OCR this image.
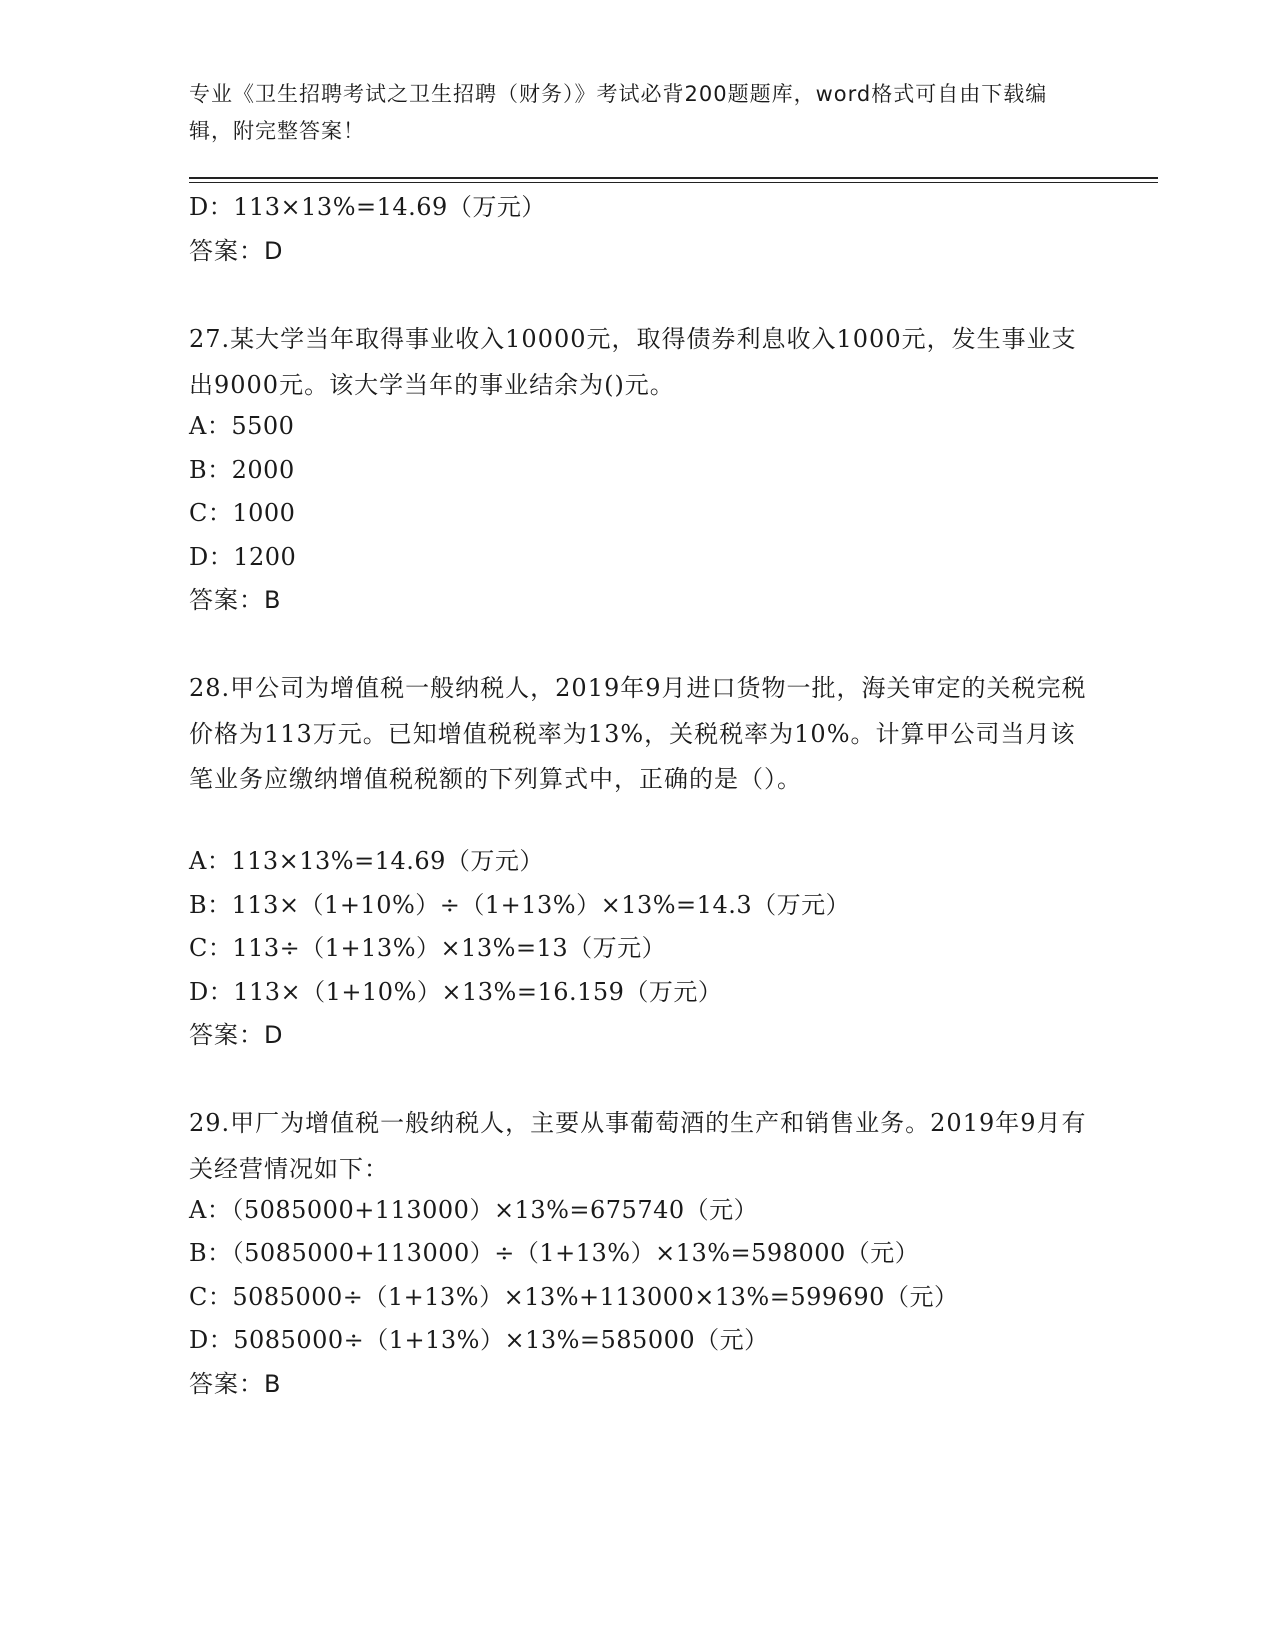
专业《卫生招聘考试之卫生招聘（财务）》考试必背200题题库，word格式可自由下载编辑，附完整答案！
D：113×13%=14.69（万元）
答案：D
27.某大学当年取得事业收入10000元，取得债券利息收入1000元，发生事业支出9000元。该大学当年的事业结余为()元。
A：5500
B：2000
C：1000
D：1200
答案：B
28.甲公司为增值税一般纳税人，2019年9月进口货物一批，海关审定的关税完税价格为113万元。已知增值税税率为13%，关税税率为10%。计算甲公司当月该笔业务应缴纳增值税税额的下列算式中，正确的是（）。
A：113×13%=14.69（万元）
B：113×（1+10%）÷（1+13%）×13%=14.3（万元）
C：113÷（1+13%）×13%=13（万元）
D：113×（1+10%）×13%=16.159（万元）
答案：D
29.甲厂为增值税一般纳税人，主要从事葡萄酒的生产和销售业务。2019年9月有关经营情况如下：
A：（5085000+113000）×13%=675740（元）
B：（5085000+113000）÷（1+13%）×13%=598000（元）
C：5085000÷（1+13%）×13%+113000×13%=599690（元）
D：5085000÷（1+13%）×13%=585000（元）
答案：B
